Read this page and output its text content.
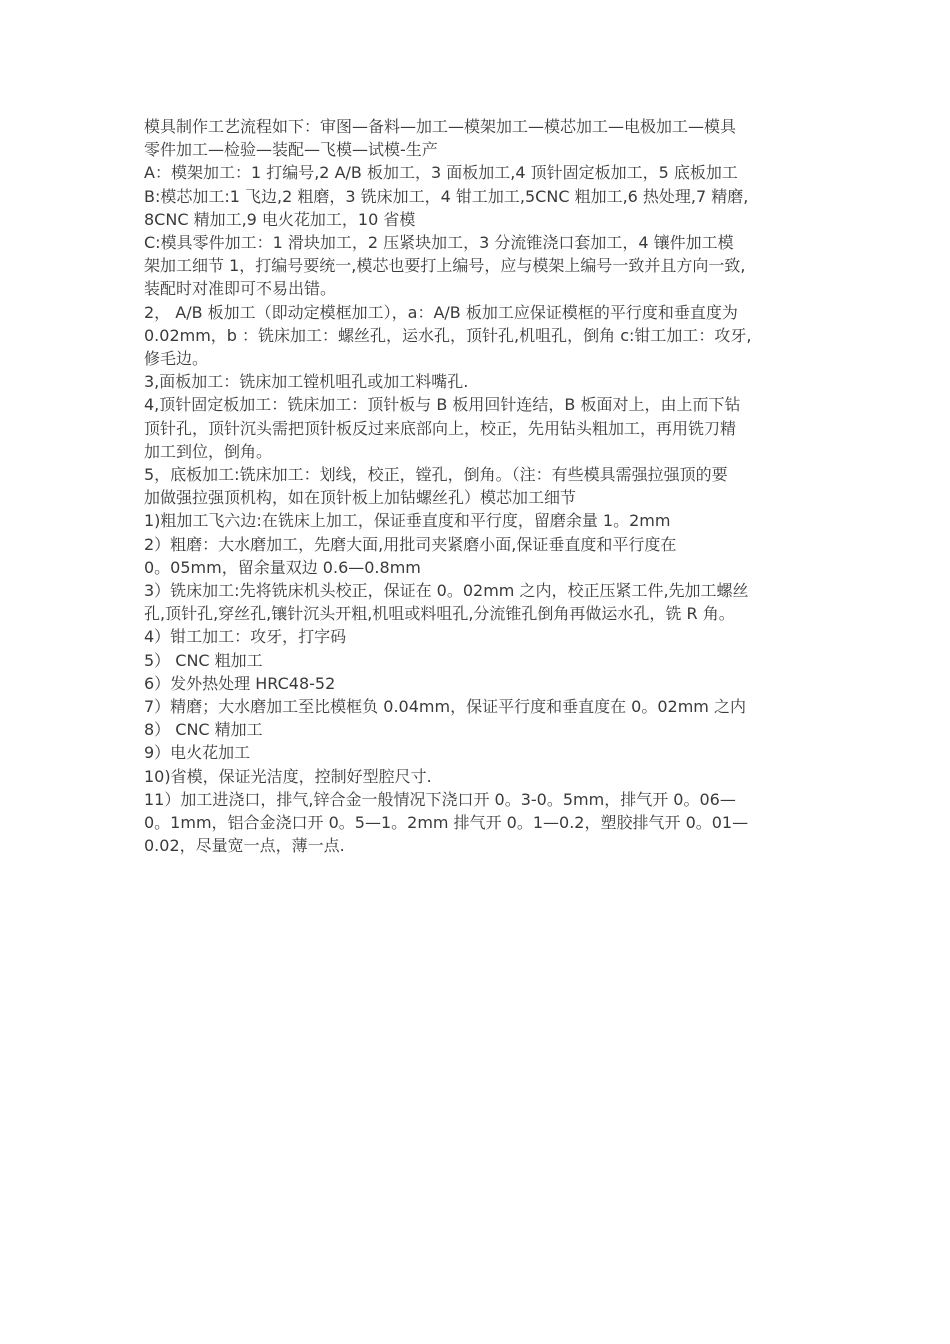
模具制作工艺流程如下：审图—备料—加工—模架加工—模芯加工—电极加工—模具
零件加工—检验—装配—飞模—试模-生产

A：模架加工：1 打编号,2 A/B 板加工，3 面板加工,4 顶针固定板加工，5 底板加工

B:模芯加工:1 飞边,2 粗磨，3 铣床加工，4 钳工加工,5CNC 粗加工,6 热处理,7 精磨,
8CNC 精加工,9 电火花加工，10 省模

C:模具零件加工：1 滑块加工，2 压紧块加工，3 分流锥浇口套加工，4 镶件加工模
架加工细节 1，打编号要统一,模芯也要打上编号，应与模架上编号一致并且方向一致,
装配时对准即可不易出错。

2， A/B 板加工（即动定模框加工），a：A/B 板加工应保证模框的平行度和垂直度为
0.02mm，b ：铣床加工：螺丝孔，运水孔，顶针孔,机咀孔，倒角 c:钳工加工：攻牙,
修毛边。

3,面板加工：铣床加工镗机咀孔或加工料嘴孔.

4,顶针固定板加工：铣床加工：顶针板与 B 板用回针连结，B 板面对上，由上而下钻
顶针孔，顶针沉头需把顶针板反过来底部向上，校正，先用钻头粗加工，再用铣刀精
加工到位，倒角。

5，底板加工:铣床加工：划线，校正，镗孔，倒角。（注：有些模具需强拉强顶的要
加做强拉强顶机构，如在顶针板上加钻螺丝孔）模芯加工细节

1)粗加工飞六边:在铣床上加工，保证垂直度和平行度，留磨余量 1。2mm

2）粗磨：大水磨加工，先磨大面,用批司夹紧磨小面,保证垂直度和平行度在
0。05mm，留余量双边 0.6—0.8mm

3）铣床加工:先将铣床机头校正，保证在 0。02mm 之内，校正压紧工件,先加工螺丝
孔,顶针孔,穿丝孔,镶针沉头开粗,机咀或料咀孔,分流锥孔倒角再做运水孔，铣 R 角。

4）钳工加工：攻牙，打字码

5） CNC 粗加工

6）发外热处理 HRC48-52

7）精磨；大水磨加工至比模框负 0.04mm，保证平行度和垂直度在 0。02mm 之内

8） CNC 精加工

9）电火花加工

10)省模，保证光洁度，控制好型腔尺寸.

11）加工进浇口，排气,锌合金一般情况下浇口开 0。3-0。5mm，排气开 0。06—
0。1mm，铝合金浇口开 0。5—1。2mm 排气开 0。1—0.2，塑胶排气开 0。01—
0.02，尽量宽一点，薄一点.
